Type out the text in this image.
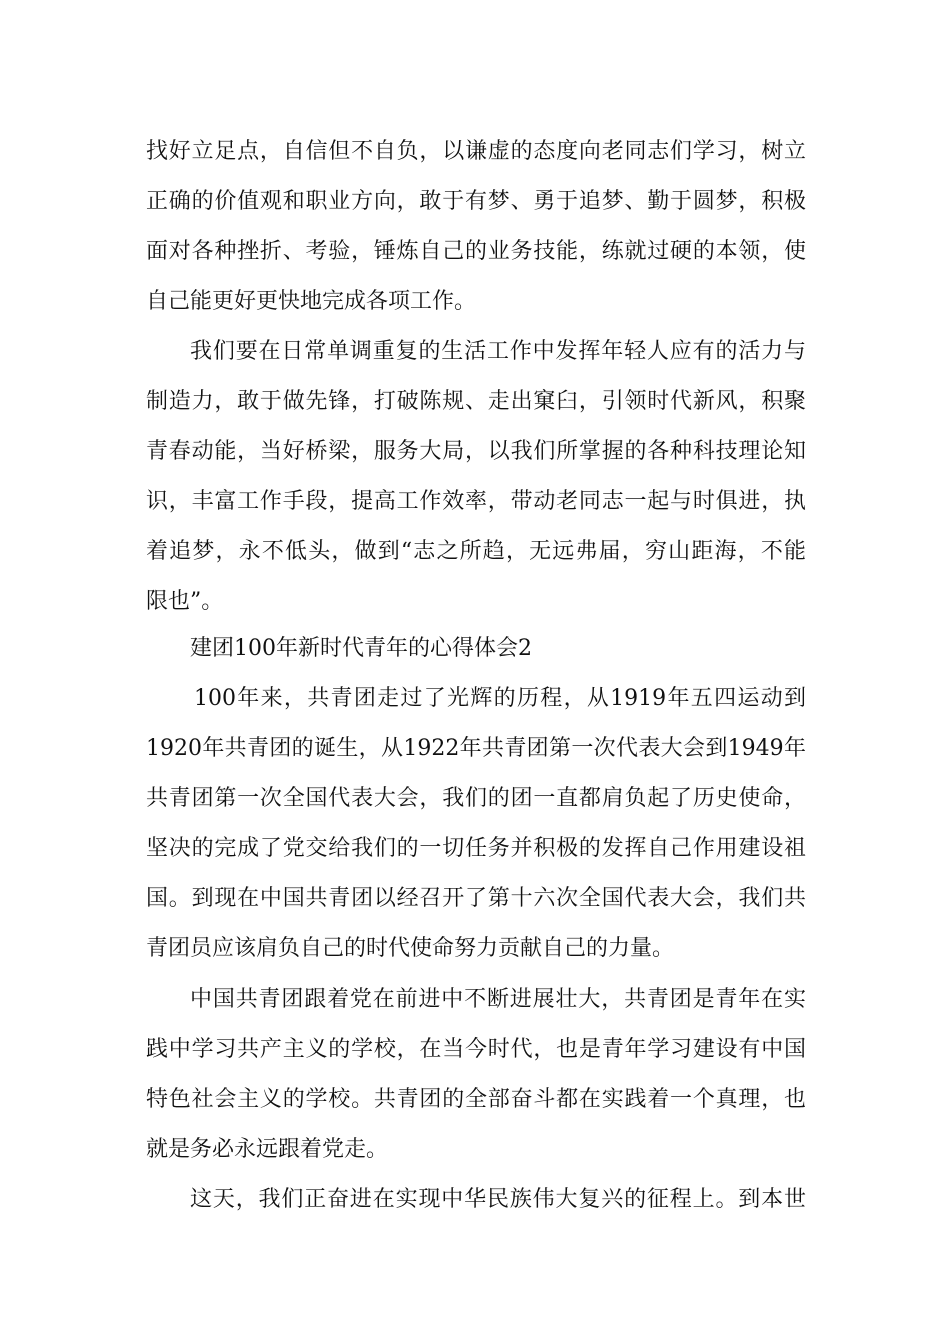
找好立足点，自信但不自负，以谦虚的态度向老同志们学习，树立
正确的价值观和职业方向，敢于有梦、勇于追梦、勤于圆梦，积极
面对各种挫折、考验，锤炼自己的业务技能，练就过硬的本领，使
自己能更好更快地完成各项工作。
我们要在日常单调重复的生活工作中发挥年轻人应有的活力与
制造力，敢于做先锋，打破陈规、走出窠臼，引领时代新风，积聚
青春动能，当好桥梁，服务大局，以我们所掌握的各种科技理论知
识，丰富工作手段，提高工作效率，带动老同志一起与时俱进，执
着追梦，永不低头，做到“志之所趋，无远弗届，穷山距海，不能
限也”。
建团100年新时代青年的心得体会2
100年来，共青团走过了光辉的历程，从1919年五四运动到
1920年共青团的诞生，从1922年共青团第一次代表大会到1949年
共青团第一次全国代表大会，我们的团一直都肩负起了历史使命，
坚决的完成了党交给我们的一切任务并积极的发挥自己作用建设祖
国。到现在中国共青团以经召开了第十六次全国代表大会，我们共
青团员应该肩负自己的时代使命努力贡献自己的力量。
中国共青团跟着党在前进中不断进展壮大，共青团是青年在实
践中学习共产主义的学校，在当今时代，也是青年学习建设有中国
特色社会主义的学校。共青团的全部奋斗都在实践着一个真理，也
就是务必永远跟着党走。
这天，我们正奋进在实现中华民族伟大复兴的征程上。到本世
